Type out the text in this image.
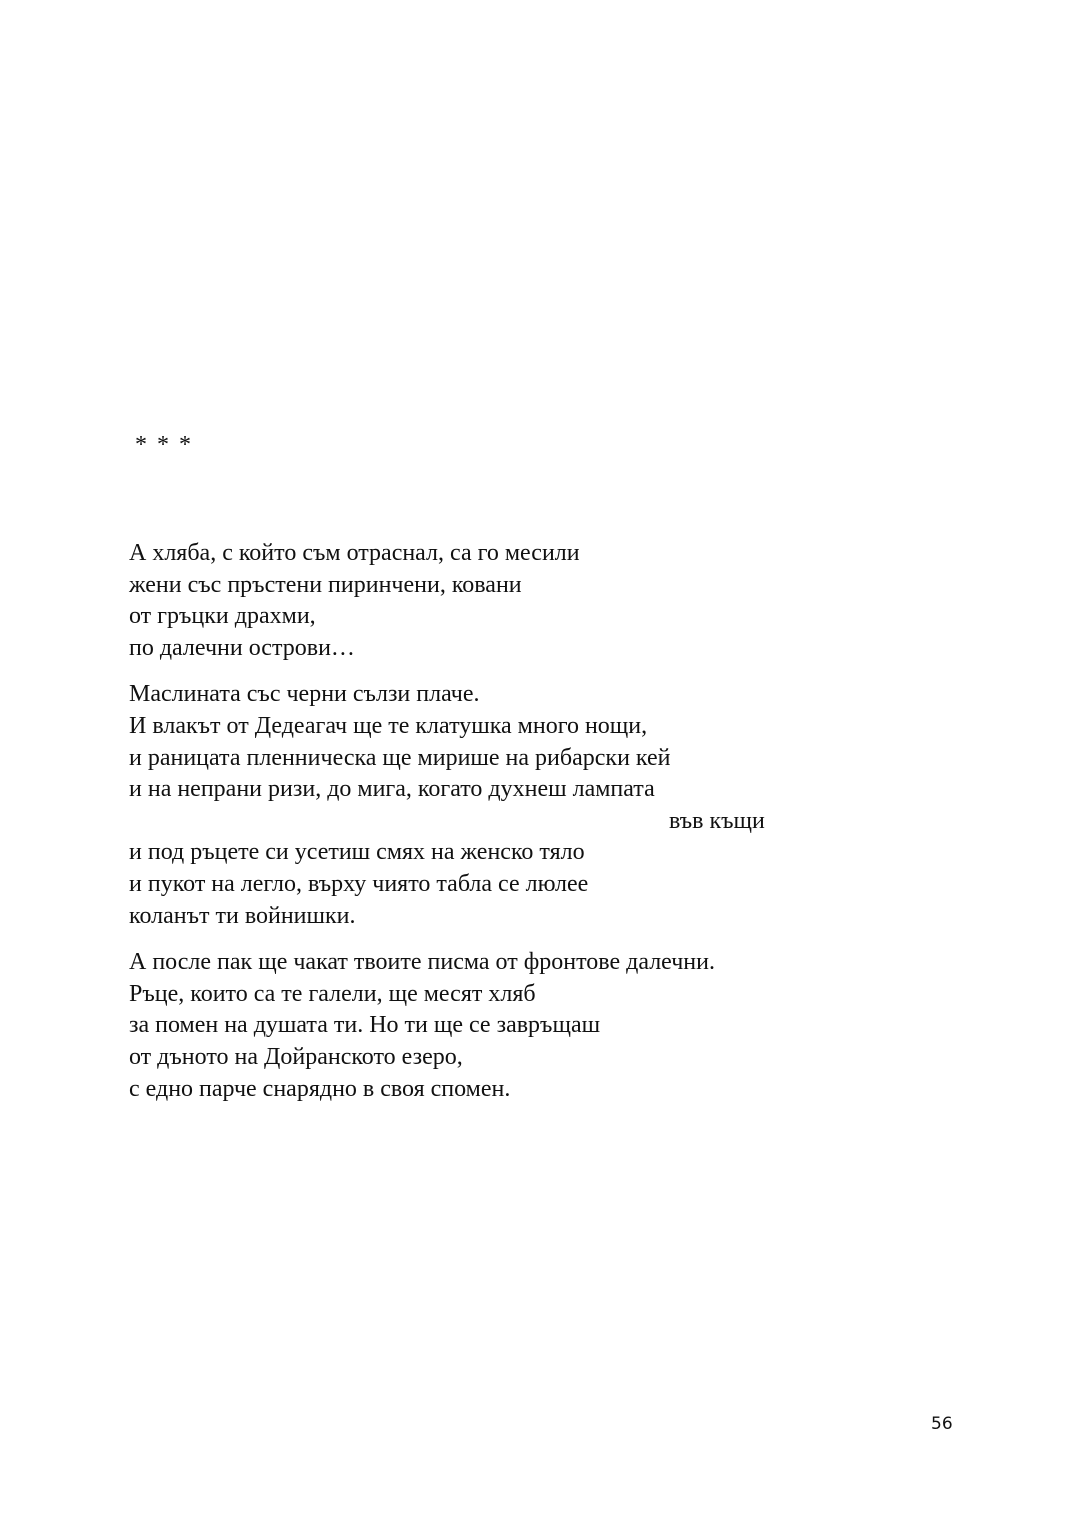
* * *

А хляба, с който съм отраснал, са го месили
жени със пръстени пиринчени, ковани
от гръцки драхми,
по далечни острови…

Маслината със черни сълзи плаче.
И влакът от Дедеагач ще те клатушка много нощи,
и раницата пленническа ще мирише на рибарски кей
и на непрани ризи, до мига, когато духнеш лампата
във къщи
и под ръцете си усетиш смях на женско тяло
и пукот на легло, върху чиято табла се люлее
коланът ти войнишки.

А после пак ще чакат твоите писма от фронтове далечни.
Ръце, които са те галели, ще месят хляб
за помен на душата ти. Но ти ще се завръщаш
от дъното на Дойранското езеро,
с едно парче снарядно в своя спомен.

56
